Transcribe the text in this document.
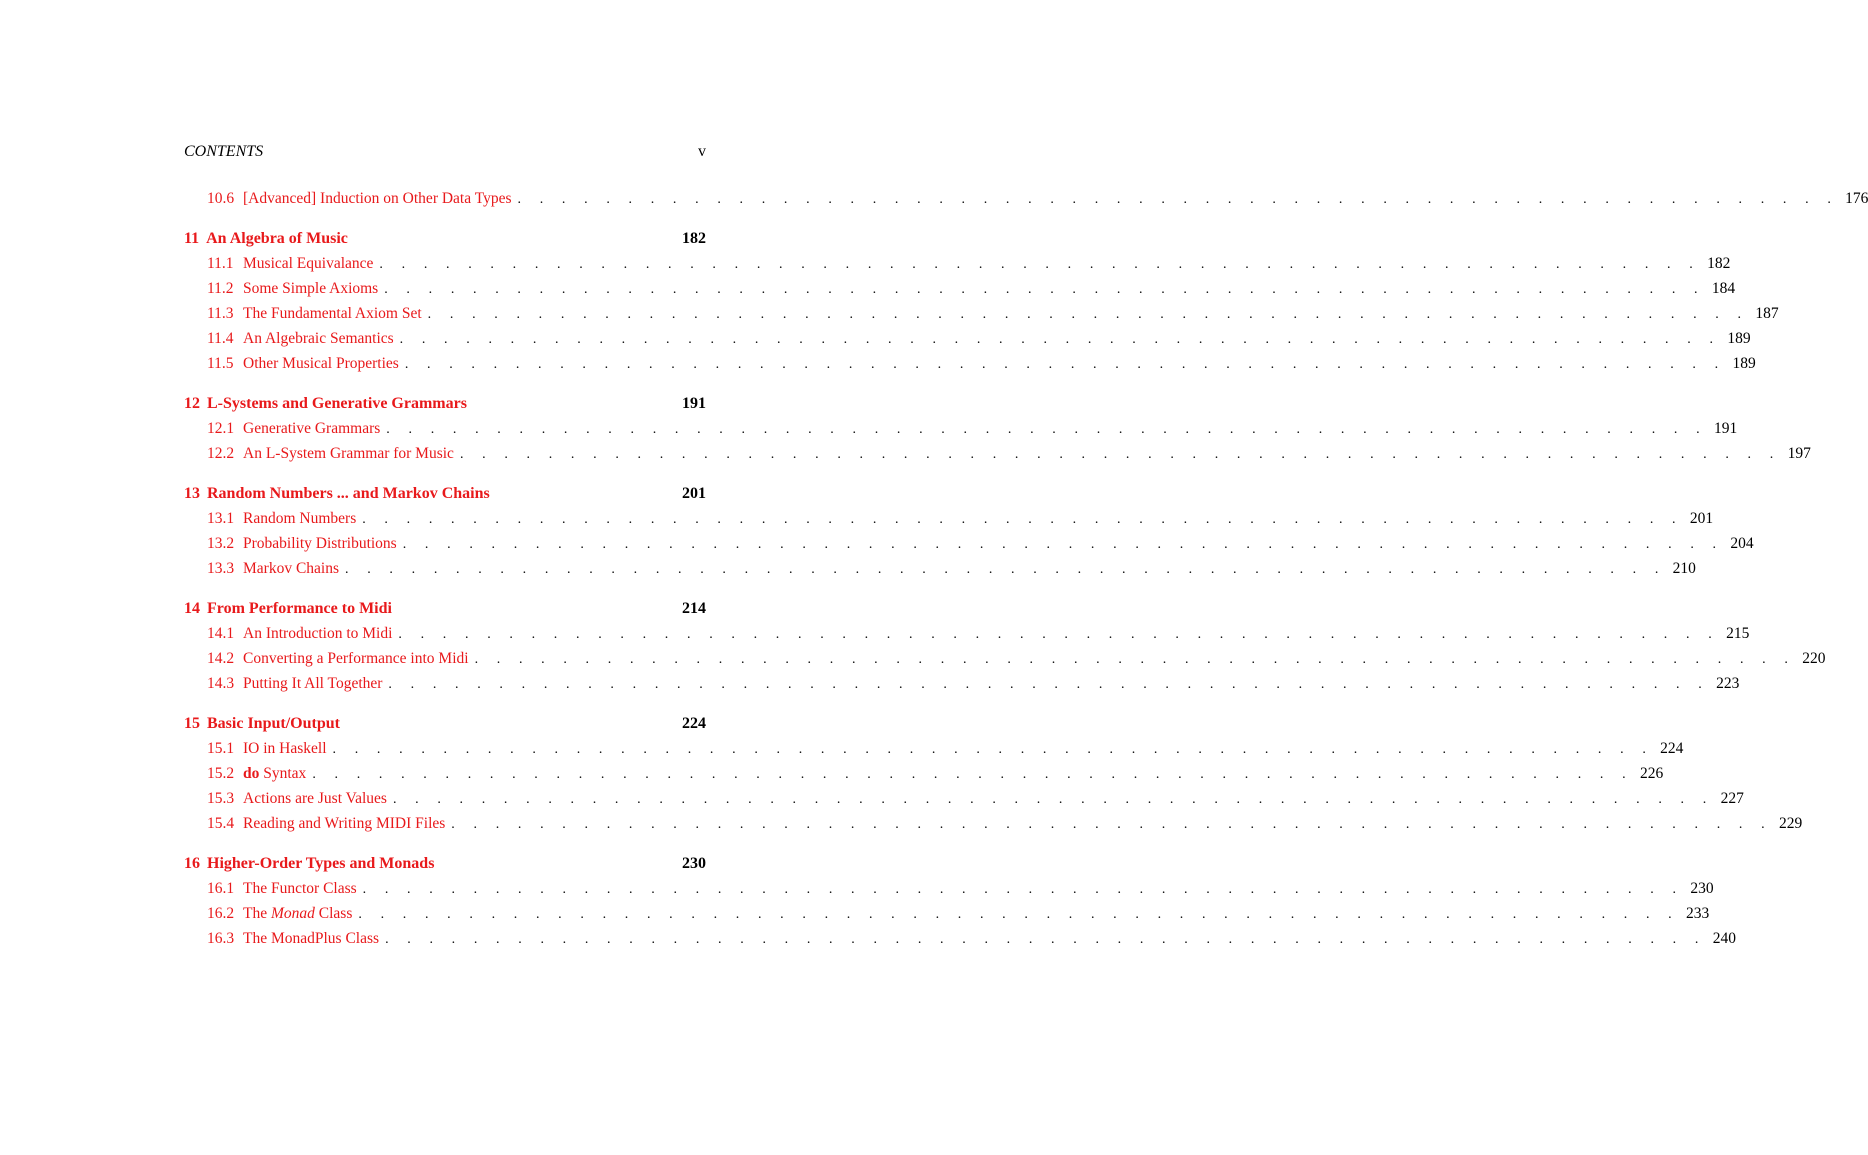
CONTENTS	v
10.6 [Advanced] Induction on Other Data Types . . . . . . . . . . . . . . . . . . . . . . . . . . . . . . . . . . . . . . . . . . . . . . . . . . . . . . . . . . . . 176
11 An Algebra of Music	182
11.1 Musical Equivalance . . . . . . . . . . . . . . . . . . . . . . . . . . . . . . . . . . . . . . . . . . . . . . . . . . . . . . . . . . . . 182
11.2 Some Simple Axioms . . . . . . . . . . . . . . . . . . . . . . . . . . . . . . . . . . . . . . . . . . . . . . . . . . . . . . . . . . . . 184
11.3 The Fundamental Axiom Set . . . . . . . . . . . . . . . . . . . . . . . . . . . . . . . . . . . . . . . . . . . . . . . . . . . . . . . . . . . . 187
11.4 An Algebraic Semantics . . . . . . . . . . . . . . . . . . . . . . . . . . . . . . . . . . . . . . . . . . . . . . . . . . . . . . . . . . . . 189
11.5 Other Musical Properties . . . . . . . . . . . . . . . . . . . . . . . . . . . . . . . . . . . . . . . . . . . . . . . . . . . . . . . . . . . . 189
12 L-Systems and Generative Grammars	191
12.1 Generative Grammars . . . . . . . . . . . . . . . . . . . . . . . . . . . . . . . . . . . . . . . . . . . . . . . . . . . . . . . . . . . . 191
12.2 An L-System Grammar for Music . . . . . . . . . . . . . . . . . . . . . . . . . . . . . . . . . . . . . . . . . . . . . . . . . . . . . . . . . . . . 197
13 Random Numbers ... and Markov Chains	201
13.1 Random Numbers . . . . . . . . . . . . . . . . . . . . . . . . . . . . . . . . . . . . . . . . . . . . . . . . . . . . . . . . . . . . 201
13.2 Probability Distributions . . . . . . . . . . . . . . . . . . . . . . . . . . . . . . . . . . . . . . . . . . . . . . . . . . . . . . . . . . . . 204
13.3 Markov Chains . . . . . . . . . . . . . . . . . . . . . . . . . . . . . . . . . . . . . . . . . . . . . . . . . . . . . . . . . . . . 210
14 From Performance to Midi	214
14.1 An Introduction to Midi . . . . . . . . . . . . . . . . . . . . . . . . . . . . . . . . . . . . . . . . . . . . . . . . . . . . . . . . . . . . 215
14.2 Converting a Performance into Midi . . . . . . . . . . . . . . . . . . . . . . . . . . . . . . . . . . . . . . . . . . . . . . . . . . . . . . . . . . . . 220
14.3 Putting It All Together . . . . . . . . . . . . . . . . . . . . . . . . . . . . . . . . . . . . . . . . . . . . . . . . . . . . . . . . . . . . 223
15 Basic Input/Output	224
15.1 IO in Haskell . . . . . . . . . . . . . . . . . . . . . . . . . . . . . . . . . . . . . . . . . . . . . . . . . . . . . . . . . . . . 224
15.2 do Syntax . . . . . . . . . . . . . . . . . . . . . . . . . . . . . . . . . . . . . . . . . . . . . . . . . . . . . . . . . . . . 226
15.3 Actions are Just Values . . . . . . . . . . . . . . . . . . . . . . . . . . . . . . . . . . . . . . . . . . . . . . . . . . . . . . . . . . . . 227
15.4 Reading and Writing MIDI Files . . . . . . . . . . . . . . . . . . . . . . . . . . . . . . . . . . . . . . . . . . . . . . . . . . . . . . . . . . . . 229
16 Higher-Order Types and Monads	230
16.1 The Functor Class . . . . . . . . . . . . . . . . . . . . . . . . . . . . . . . . . . . . . . . . . . . . . . . . . . . . . . . . . . . . 230
16.2 The Monad Class . . . . . . . . . . . . . . . . . . . . . . . . . . . . . . . . . . . . . . . . . . . . . . . . . . . . . . . . . . . . 233
16.3 The MonadPlus Class . . . . . . . . . . . . . . . . . . . . . . . . . . . . . . . . . . . . . . . . . . . . . . . . . . . . . . . . . . . . 240
